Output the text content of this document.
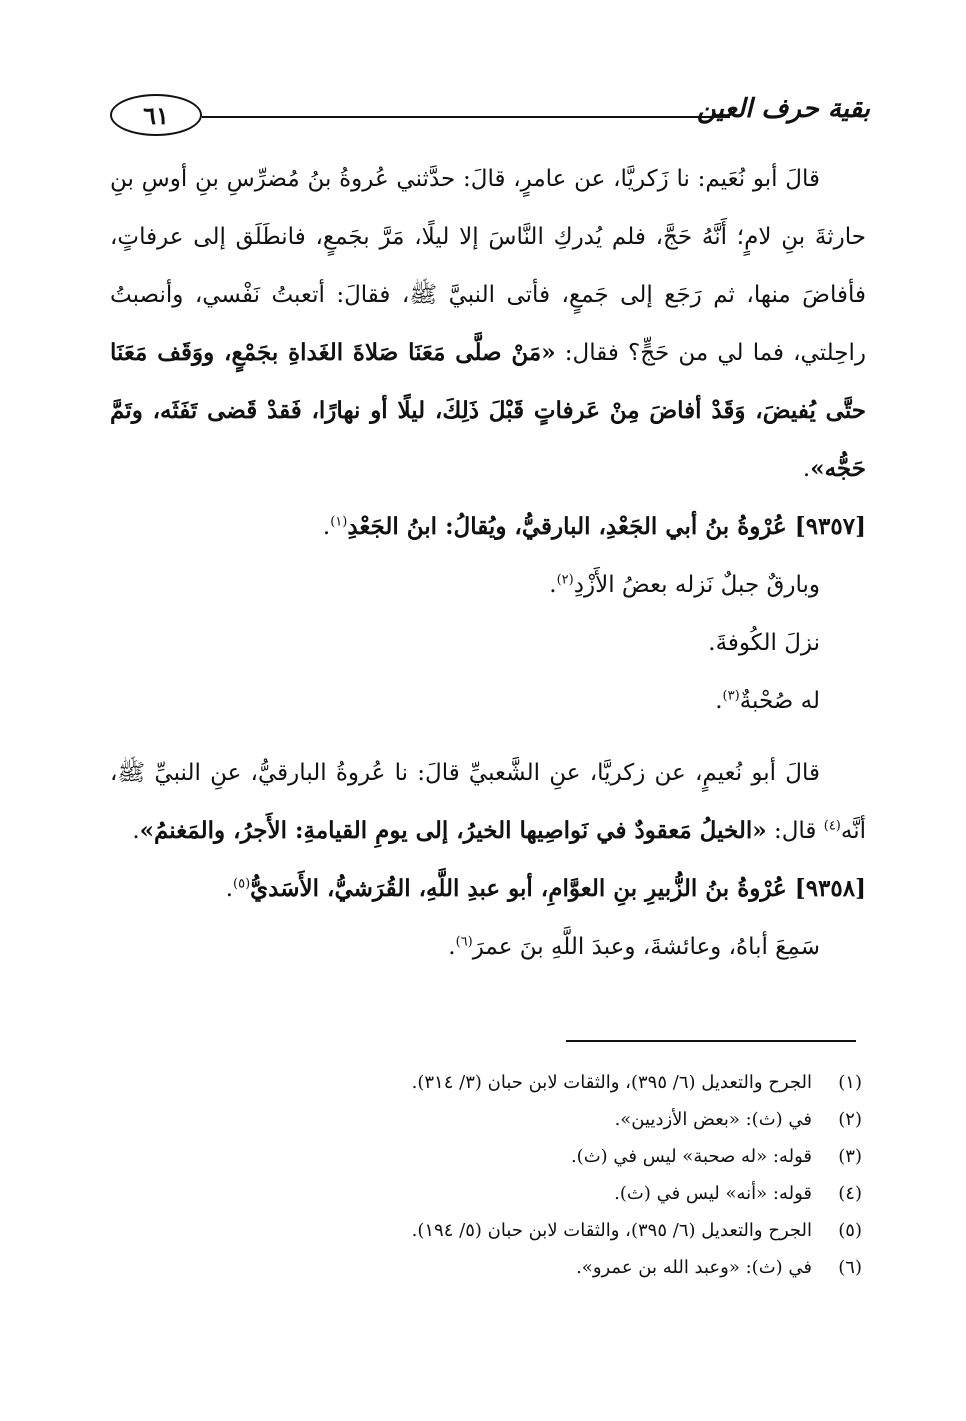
بقية حرف العين
٦١

قالَ أبو نُعَيم: نا زَكريَّا، عن عامرٍ، قالَ: حدَّثني عُروةُ بنُ مُضرِّسِ بنِ أوسِ بنِ حارثةَ بنِ لامٍ؛ أَنَّهُ حَجَّ، فلم يُدركِ النَّاسَ إلا ليلًا، مَرَّ بجَمعٍ، فانطَلَق إلى عرفاتٍ، فأفاضَ منها، ثم رَجَع إلى جَمعٍ، فأتى النبيَّ ﷺ، فقالَ: أتعبتُ نَفْسي، وأنصبتُ راحِلتي، فما لي من حَجٍّ؟ فقال: «مَنْ صلَّى مَعَنَا صَلاةَ الغَداةِ بجَمْعٍ، ووَقَف مَعَنَا حتَّى يُفيضَ، وَقَدْ أفاضَ مِنْ عَرفاتٍ قَبْلَ ذَلِكَ، ليلًا أو نهارًا، فَقدْ قَضى تَفَثَه، وتَمَّ حَجُّه».

[٩٣٥٧] عُرْوةُ بنُ أبي الجَعْدِ، البارقيُّ، ويُقالُ: ابنُ الجَعْدِ$^{(١)}$.

وبارقٌ جبلٌ نَزله بعضُ الأَزْدِ$^{(٢)}$.

نزلَ الكُوفةَ.

له صُحْبةٌ$^{(٣)}$.

قالَ أبو نُعيمٍ، عن زكريَّا، عنِ الشَّعبيِّ قالَ: نا عُروةُ البارقيُّ، عنِ النبيِّ ﷺ، أنَّه$^{(٤)}$ قال: «الخيلُ مَعقودٌ في نَواصِيها الخيرُ، إلى يومِ القيامةِ: الأَجرُ، والمَغنمُ».

[٩٣٥٨] عُرْوةُ بنُ الزُّبيرِ بنِ العوَّامِ، أبو عبدِ اللَّهِ، القُرَشيُّ، الأَسَديُّ$^{(٥)}$.

سَمِعَ أباهُ، وعائشةَ، وعبدَ اللَّهِ بنَ عمرَ$^{(٦)}$.

(١)
الجرح والتعديل (٦/ ٣٩٥)، والثقات لابن حبان (٣/ ٣١٤).
(٢)
في (ث): «بعض الأزديين».
(٣)
قوله: «له صحبة» ليس في (ث).
(٤)
قوله: «أنه» ليس في (ث).
(٥)
الجرح والتعديل (٦/ ٣٩٥)، والثقات لابن حبان (٥/ ١٩٤).
(٦)
في (ث): «وعبد الله بن عمرو».
